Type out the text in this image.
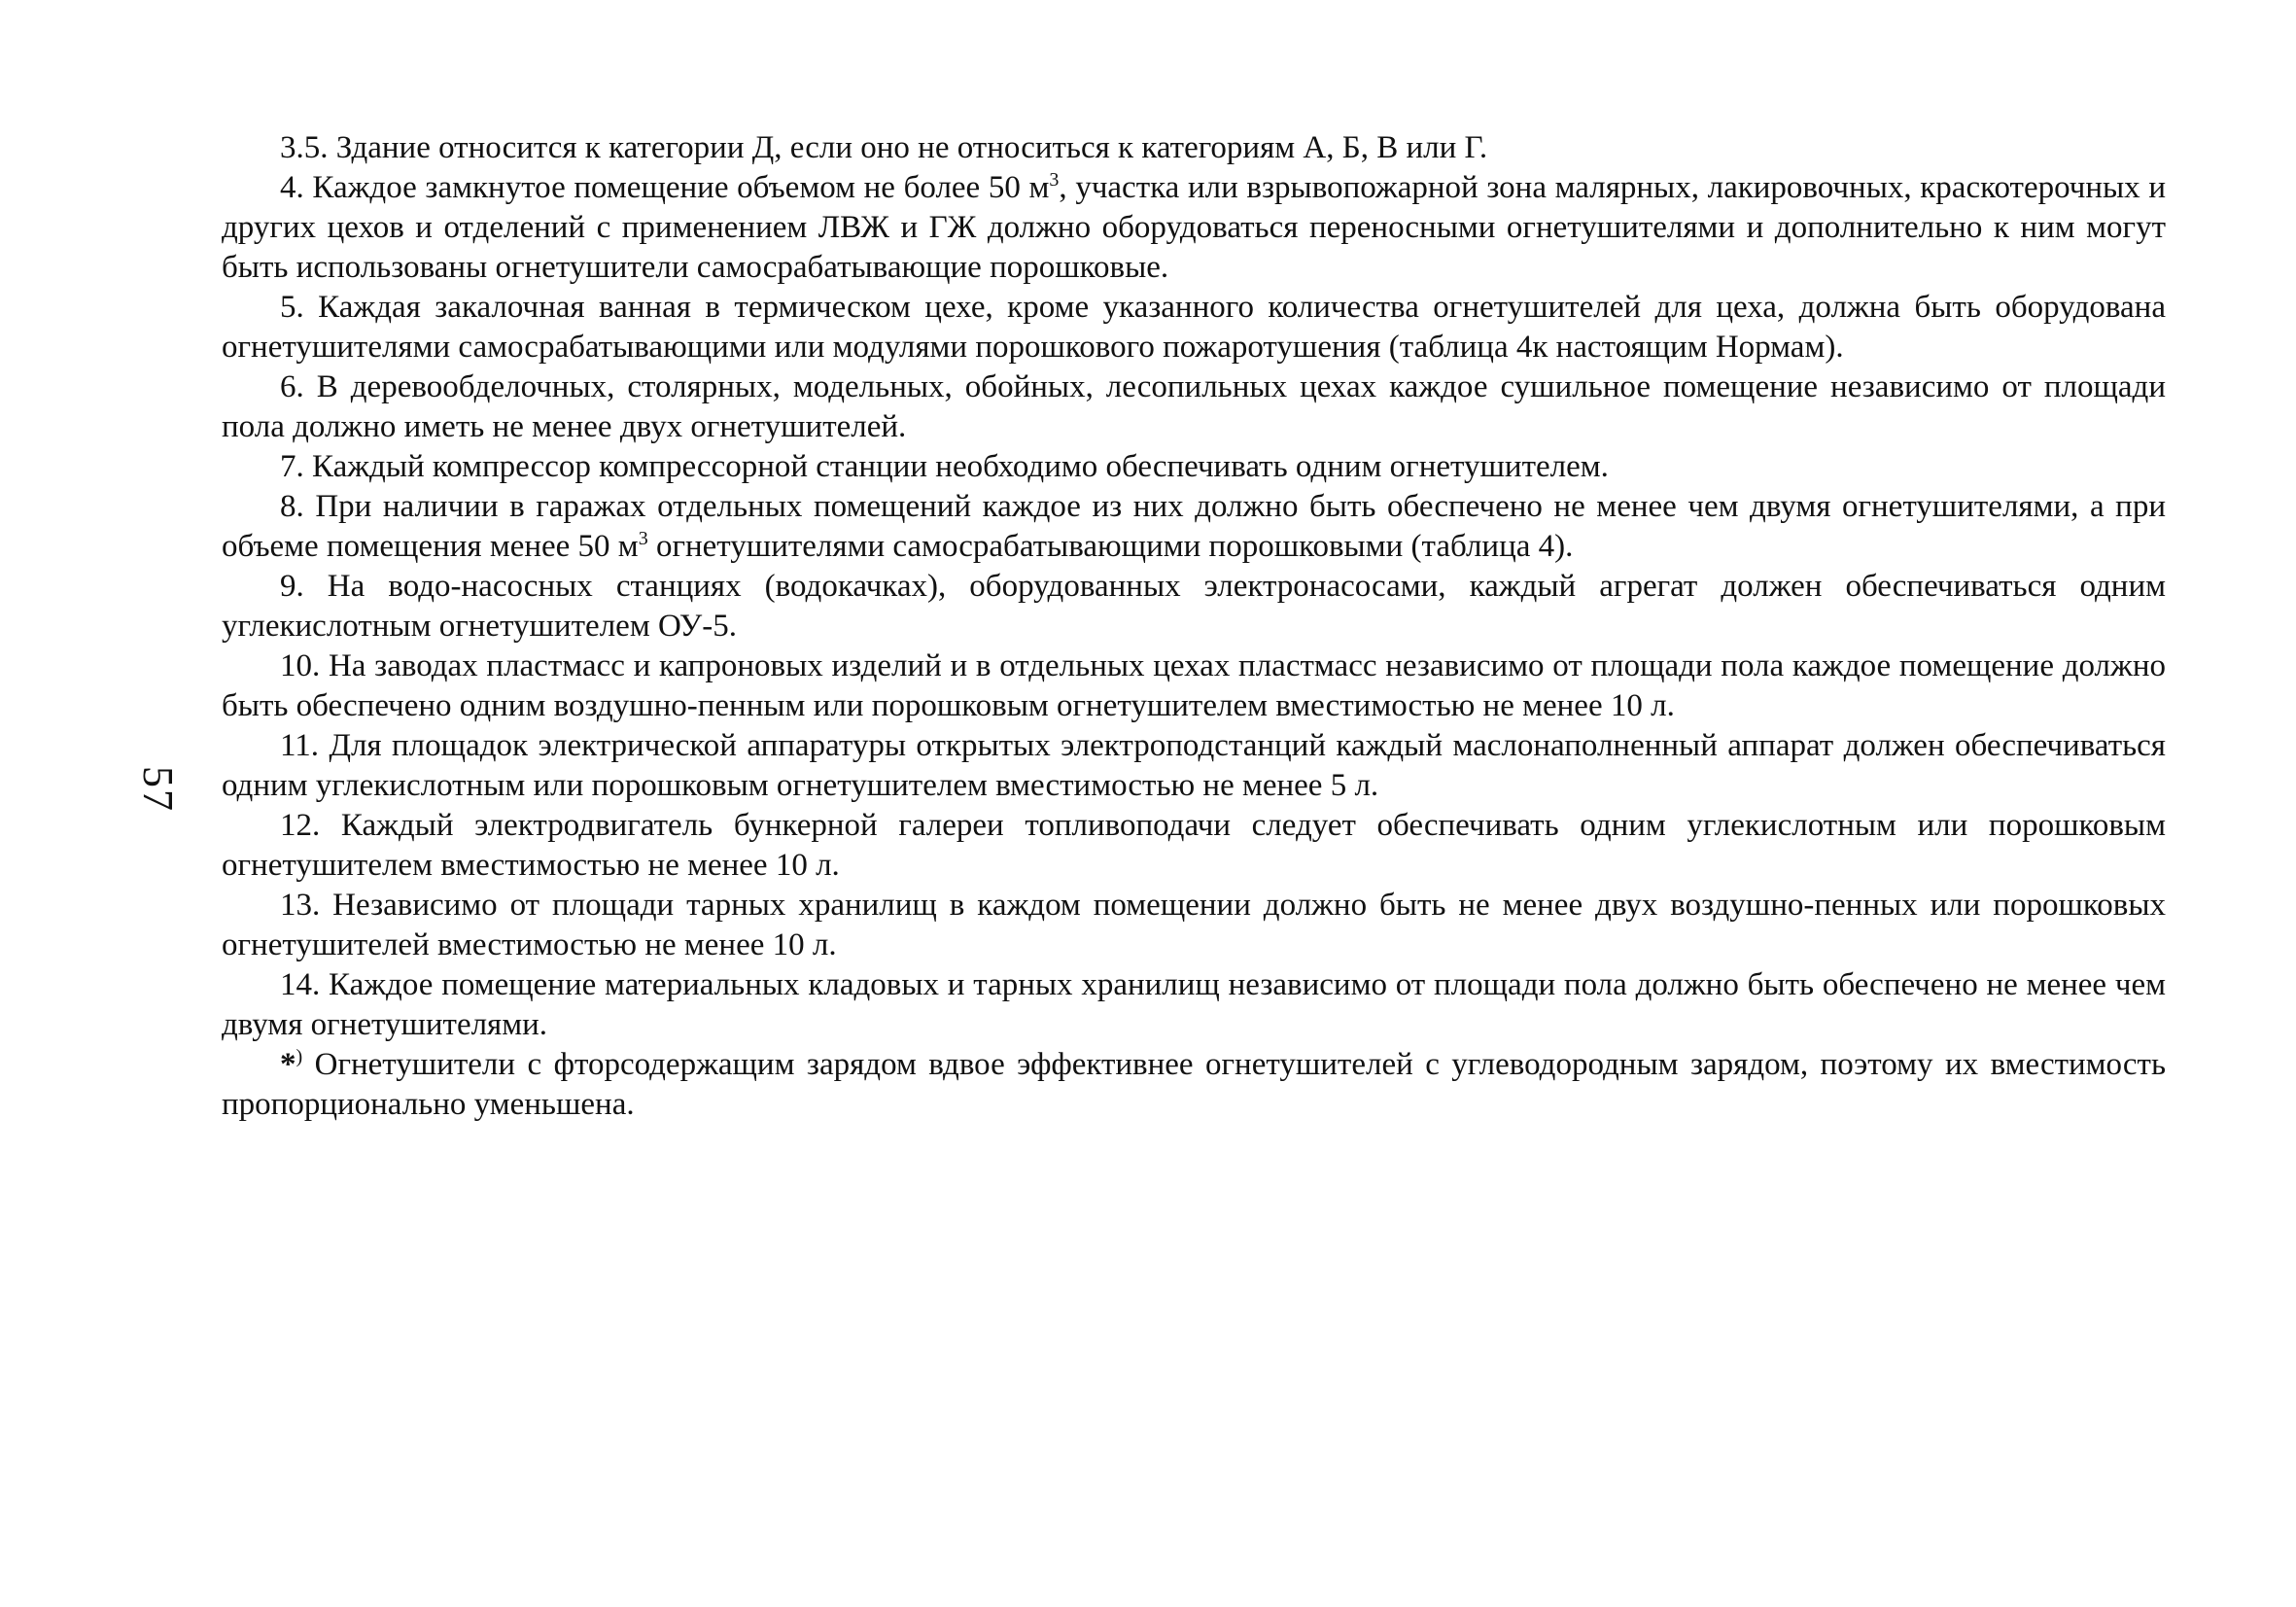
57

3.5. Здание относится к категории Д, если оно не относиться к категориям А, Б, В или Г.

4. Каждое замкнутое помещение объемом не более 50 $м^3$, участка или взрывопожарной зона малярных, лакировочных, краскотерочных и других цехов и отделений с применением ЛВЖ и ГЖ должно оборудоваться переносными огнетушителями и дополнительно к ним могут быть использованы огнетушители самосрабатывающие порошковые.

5. Каждая закалочная ванная в термическом цехе, кроме указанного количества огнетушителей для цеха, должна быть оборудована огнетушителями самосрабатывающими или модулями порошкового пожаротушения (таблица 4к настоящим Нормам).

6. В деревообделочных, столярных, модельных, обойных, лесопильных цехах каждое сушильное помещение независимо от площади пола должно иметь не менее двух огнетушителей.

7. Каждый компрессор компрессорной станции необходимо обеспечивать одним огнетушителем.

8. При наличии в гаражах отдельных помещений каждое из них должно быть обеспечено не менее чем двумя огнетушителями, а при объеме помещения менее 50 $м^3$ огнетушителями самосрабатывающими порошковыми (таблица 4).

9. На водо-насосных станциях (водокачках), оборудованных электронасосами, каждый агрегат должен обеспечиваться одним углекислотным огнетушителем ОУ-5.

10. На заводах пластмасс и капроновых изделий и в отдельных цехах пластмасс независимо от площади пола каждое помещение должно быть обеспечено одним воздушно-пенным или порошковым огнетушителем вместимостью не менее 10 л.

11. Для площадок электрической аппаратуры открытых электроподстанций каждый маслонаполненный аппарат должен обеспечиваться одним углекислотным или порошковым огнетушителем вместимостью не менее 5 л.

12. Каждый электродвигатель бункерной галереи топливоподачи следует обеспечивать одним углекислотным или порошковым огнетушителем вместимостью не менее 10 л.

13. Независимо от площади тарных хранилищ в каждом помещении должно быть не менее двух воздушно-пенных или порошковых огнетушителей вместимостью не менее 10 л.

14. Каждое помещение материальных кладовых и тарных хранилищ независимо от площади пола должно быть обеспечено не менее чем двумя огнетушителями.

*) Огнетушители с фторсодержащим зарядом вдвое эффективнее огнетушителей с углеводородным зарядом, поэтому их вместимость пропорционально уменьшена.
